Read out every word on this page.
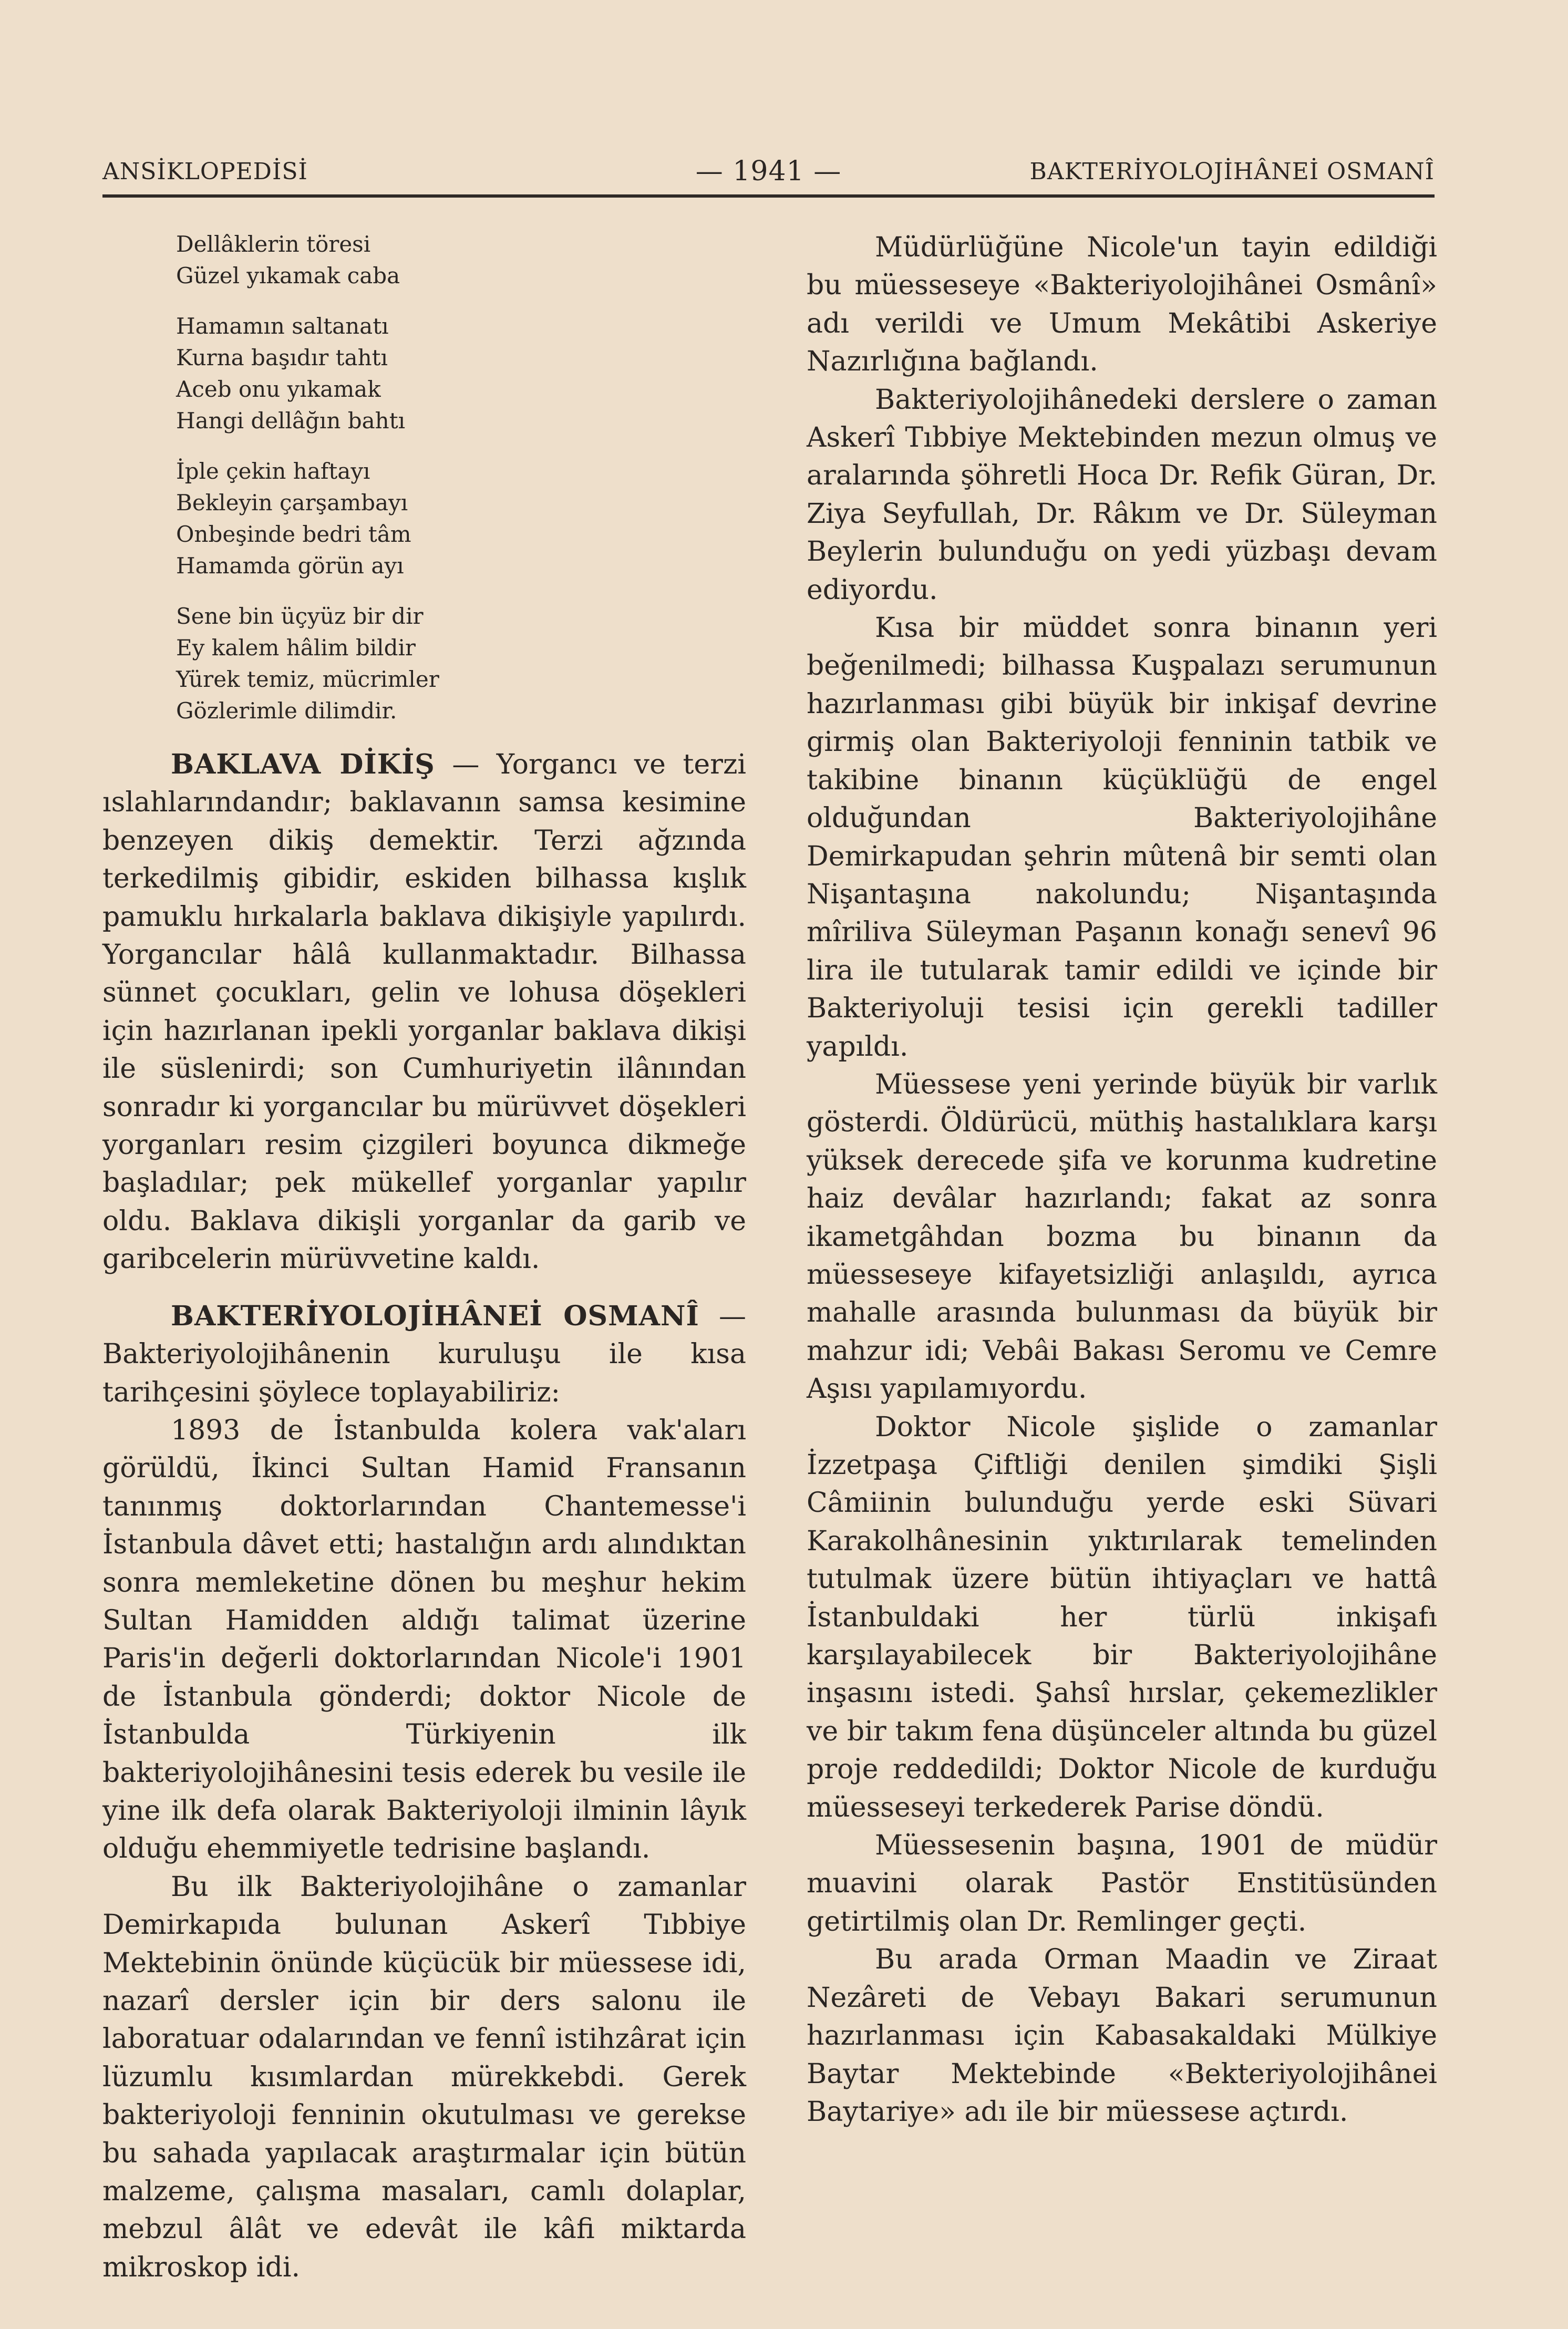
ANSİKLOPEDİSİ	— 1941 —	BAKTERİYOLOJİHÂNEİ OSMANÎ
Dellâklerin töresi
Güzel yıkamak caba
Hamamın saltanatı
Kurna başıdır tahtı
Aceb onu yıkamak
Hangi dellâğın bahtı
İple çekin haftayı
Bekleyin çarşambayı
Onbeşinde bedri tâm
Hamamda görün ayı
Sene bin üçyüz bir dir
Ey kalem hâlim bildir
Yürek temiz, mücrimler
Gözlerimle dilimdir.

BAKLAVA DİKİŞ — Yorgancı ve terzi ıslahlarındandır; baklavanın samsa kesimine benzeyen dikiş demektir. Terzi ağzında terkedilmiş gibidir, eskiden bilhassa kışlık pamuklu hırkalarla baklava dikişiyle yapılırdı. Yorgancılar hâlâ kullanmaktadır. Bilhassa sünnet çocukları, gelin ve lohusa döşekleri için hazırlanan ipekli yorganlar baklava dikişi ile süslenirdi; son Cumhuriyetin ilânından sonradır ki yorgancılar bu mürüvvet döşekleri yorganları resim çizgileri boyunca dikmeğe başladılar; pek mükellef yorganlar yapılır oldu. Baklava dikişli yorganlar da garib ve garibcelerin mürüvvetine kaldı.

BAKTERİYOLOJİHÂNEİ OSMANÎ — Bakteriyolojihânenin kuruluşu ile kısa tarihçesini şöylece toplayabiliriz:

1893 de İstanbulda kolera vak'aları görüldü, İkinci Sultan Hamid Fransanın tanınmış doktorlarından Chantemesse'i İstanbula dâvet etti; hastalığın ardı alındıktan sonra memleketine dönen bu meşhur hekim Sultan Hamidden aldığı talimat üzerine Paris'in değerli doktorlarından Nicole'i 1901 de İstanbula gönderdi; doktor Nicole de İstanbulda Türkiyenin ilk bakteriyolojihânesini tesis ederek bu vesile ile yine ilk defa olarak Bakteriyoloji ilminin lâyık olduğu ehemmiyetle tedrisine başlandı.

Bu ilk Bakteriyolojihâne o zamanlar Demirkapıda bulunan Askerî Tıbbiye Mektebinin önünde küçücük bir müessese idi, nazarî dersler için bir ders salonu ile laboratuar odalarından ve fennî istihzârat için lüzumlu kısımlardan mürekkebdi. Gerek bakteriyoloji fenninin okutulması ve gerekse bu sahada yapılacak araştırmalar için bütün malzeme, çalışma masaları, camlı dolaplar, mebzul âlât ve edevât ile kâfi miktarda mikroskop idi.

Müdürlüğüne Nicole'un tayin edildiği bu müesseseye «Bakteriyolojihânei Osmânî» adı verildi ve Umum Mekâtibi Askeriye Nazırlığına bağlandı.

Bakteriyolojihânedeki derslere o zaman Askerî Tıbbiye Mektebinden mezun olmuş ve aralarında şöhretli Hoca Dr. Refik Güran, Dr. Ziya Seyfullah, Dr. Râkım ve Dr. Süleyman Beylerin bulunduğu on yedi yüzbaşı devam ediyordu.

Kısa bir müddet sonra binanın yeri beğenilmedi; bilhassa Kuşpalazı serumunun hazırlanması gibi büyük bir inkişaf devrine girmiş olan Bakteriyoloji fenninin tatbik ve takibine binanın küçüklüğü de engel olduğundan Bakteriyolojihâne Demirkapudan şehrin mûtenâ bir semti olan Nişantaşına nakolundu; Nişantaşında mîriliva Süleyman Paşanın konağı senevî 96 lira ile tutularak tamir edildi ve içinde bir Bakteriyoluji tesisi için gerekli tadiller yapıldı.

Müessese yeni yerinde büyük bir varlık gösterdi. Öldürücü, müthiş hastalıklara karşı yüksek derecede şifa ve korunma kudretine haiz devâlar hazırlandı; fakat az sonra ikametgâhdan bozma bu binanın da müesseseye kifayetsizliği anlaşıldı, ayrıca mahalle arasında bulunması da büyük bir mahzur idi; Vebâi Bakası Seromu ve Cemre Aşısı yapılamıyordu.

Doktor Nicole şişlide o zamanlar İzzetpaşa Çiftliği denilen şimdiki Şişli Câmiinin bulunduğu yerde eski Süvari Karakolhânesinin yıktırılarak temelinden tutulmak üzere bütün ihtiyaçları ve hattâ İstanbuldaki her türlü inkişafı karşılayabilecek bir Bakteriyolojihâne inşasını istedi. Şahsî hırslar, çekemezlikler ve bir takım fena düşünceler altında bu güzel proje reddedildi; Doktor Nicole de kurduğu müesseseyi terkederek Parise döndü.

Müessesenin başına, 1901 de müdür muavini olarak Pastör Enstitüsünden getirtilmiş olan Dr. Remlinger geçti.

Bu arada Orman Maadin ve Ziraat Nezâreti de Vebayı Bakari serumunun hazırlanması için Kabasakaldaki Mülkiye Baytar Mektebinde «Bekteriyolojihânei Baytariye» adı ile bir müessese açtırdı.
